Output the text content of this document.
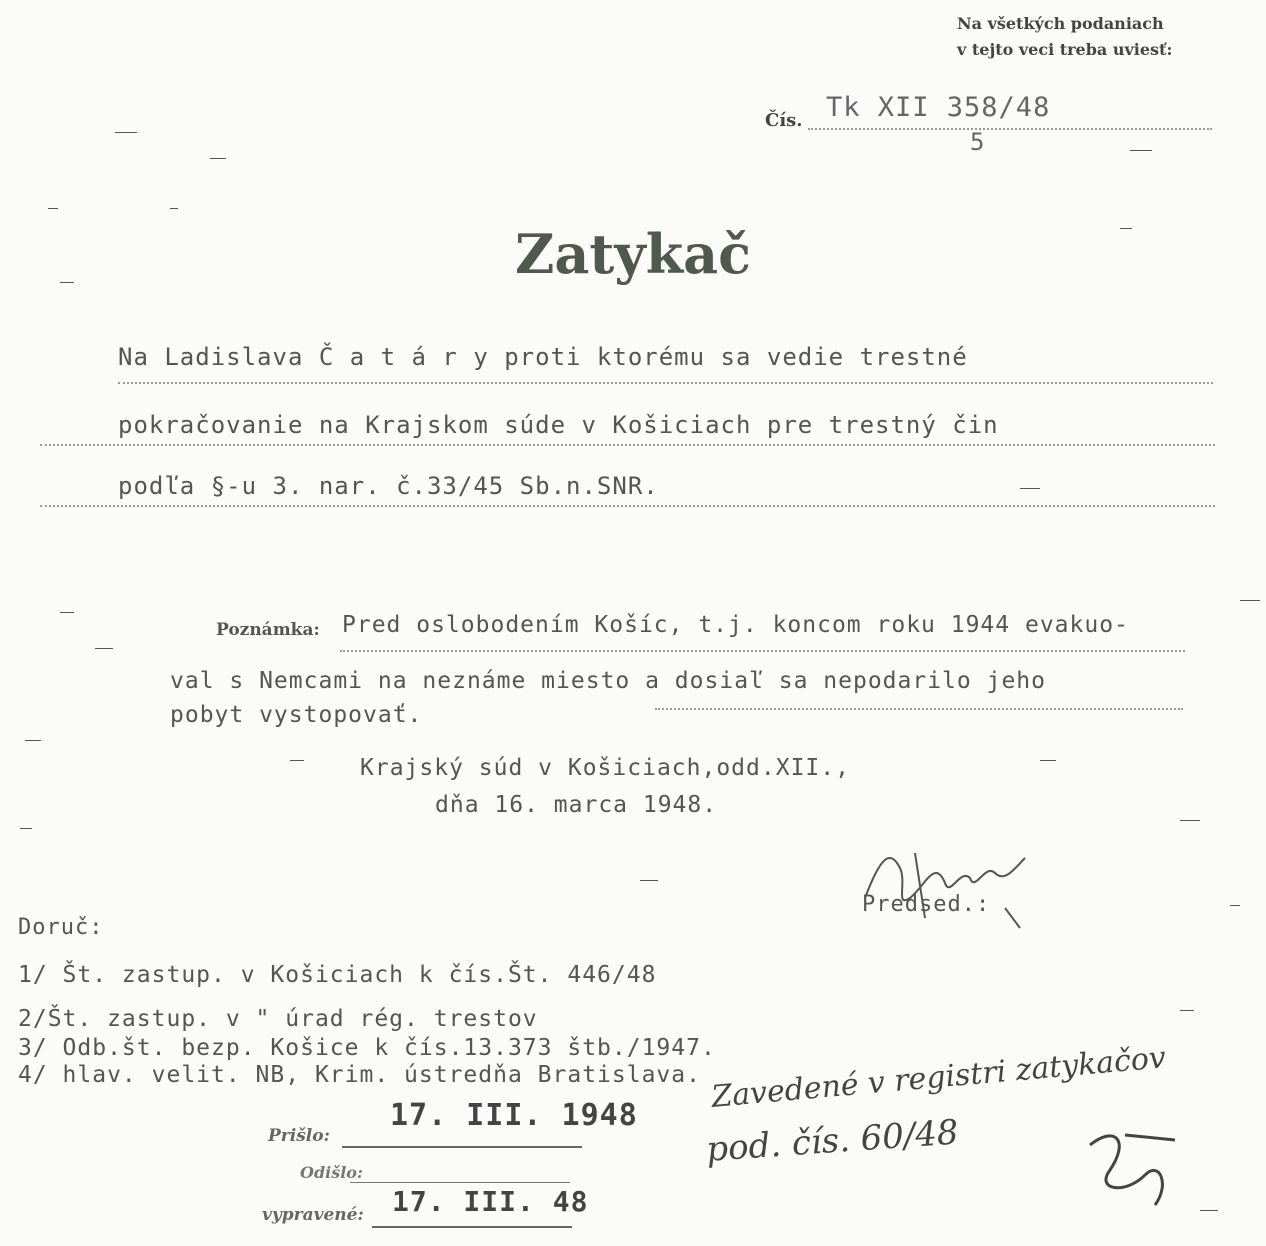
Na všetkých podaniach
v tejto veci treba uviesť:
Čís. Tk XII 358/48
5
Zatykač
Na Ladislava Č a t á r y proti ktorému sa vedie trestné
pokračovanie na Krajskom súde v Košiciach pre trestný čin
podľa §-u 3. nar. č.33/45 Sb.n.SNR.
Poznámka: Pred oslobodením Košíc, t.j. koncom roku 1944 evakuo-
val s Nemcami na neznáme miesto a dosiaľ sa nepodarilo jeho
pobyt vystopovať.
Krajský súd v Košiciach,odd.XII.,
dňa 16. marca 1948.
Predsed.:
Doruč:
1/ Št. zastup. v Košiciach k čís.Št. 446/48
2/Št. zastup. v " úrad rég. trestov
3/ Odb.št. bezp. Košice k čís.13.373 štb./1947.
4/ hlav. velit. NB, Krim. ústredňa Bratislava.
Prišlo:
17. III. 1948
Odišlo:
vypravené: 17. III. 48
Zavedené v registri zatykačov
pod. čís. 60/48
